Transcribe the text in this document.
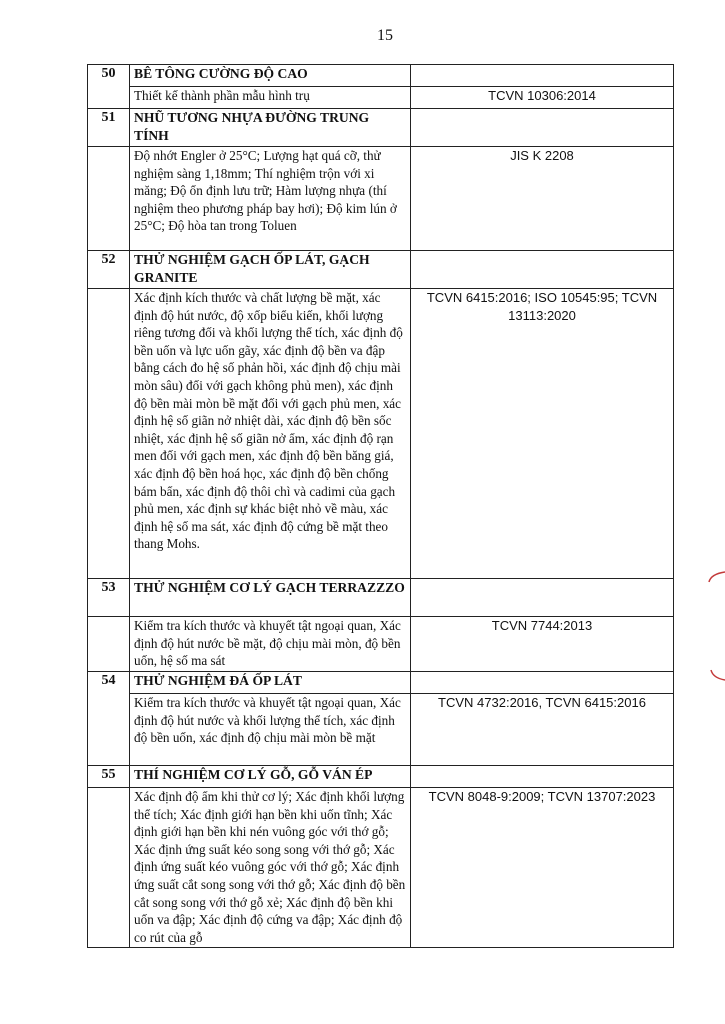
15
50	BÊ TÔNG CƯỜNG ĐỘ CAO	
	Thiết kế thành phần mẫu hình trụ	TCVN 10306:2014
51	NHŨ TƯƠNG NHỰA ĐƯỜNG TRUNG TÍNH	
	Độ nhớt Engler ở 25°C; Lượng hạt quá cỡ, thử nghiệm sàng 1,18mm; Thí nghiệm trộn với xi măng; Độ ổn định lưu trữ; Hàm lượng nhựa (thí nghiệm theo phương pháp bay hơi); Độ kim lún ở 25°C; Độ hòa tan trong Toluen	JIS K 2208
52	THỬ NGHIỆM GẠCH ỐP LÁT, GẠCH GRANITE	
	Xác định kích thước và chất lượng bề mặt, xác định độ hút nước, độ xốp biểu kiến, khối lượng riêng tương đối và khối lượng thể tích, xác định độ bền uốn và lực uốn gãy, xác định độ bền va đập bằng cách đo hệ số phản hồi, xác định độ chịu mài mòn sâu) đối với gạch không phủ men), xác định độ bền mài mòn bề mặt đối với gạch phủ men, xác định hệ số giãn nở nhiệt dài, xác định độ bền sốc nhiệt, xác định hệ số giãn nở ẩm, xác định độ rạn men đối với gạch men, xác định độ bền băng giá, xác định độ bền hoá học, xác định độ bền chống bám bẩn, xác định độ thôi chì và cadimi của gạch phủ men, xác định sự khác biệt nhỏ về màu, xác định hệ số ma sát, xác định độ cứng bề mặt theo thang Mohs.	TCVN 6415:2016; ISO 10545:95; TCVN 13113:2020
53	THỬ NGHIỆM CƠ LÝ GẠCH TERRAZZZO	
	Kiểm tra kích thước và khuyết tật ngoại quan, Xác định độ hút nước bề mặt, độ chịu mài mòn, độ bền uốn, hệ số ma sát	TCVN 7744:2013
54	THỬ NGHIỆM ĐÁ ỐP LÁT	
	Kiểm tra kích thước và khuyết tật ngoại quan, Xác định độ hút nước và khối lượng thể tích, xác định độ bền uốn, xác định độ chịu mài mòn bề mặt	TCVN 4732:2016, TCVN 6415:2016
55	THÍ NGHIỆM CƠ LÝ GỖ, GỖ VÁN ÉP	
	Xác định độ ẩm khi thử cơ lý; Xác định khối lượng thể tích; Xác định giới hạn bền khi uốn tĩnh; Xác định giới hạn bền khi nén vuông góc với thớ gỗ; Xác định ứng suất kéo song song với thớ gỗ; Xác định ứng suất kéo vuông góc với thớ gỗ; Xác định ứng suất cắt song song với thớ gỗ; Xác định độ bền cắt song song với thớ gỗ xẻ; Xác định độ bền khi uốn va đập; Xác định độ cứng va đập; Xác định độ co rút của gỗ	TCVN 8048-9:2009; TCVN 13707:2023
